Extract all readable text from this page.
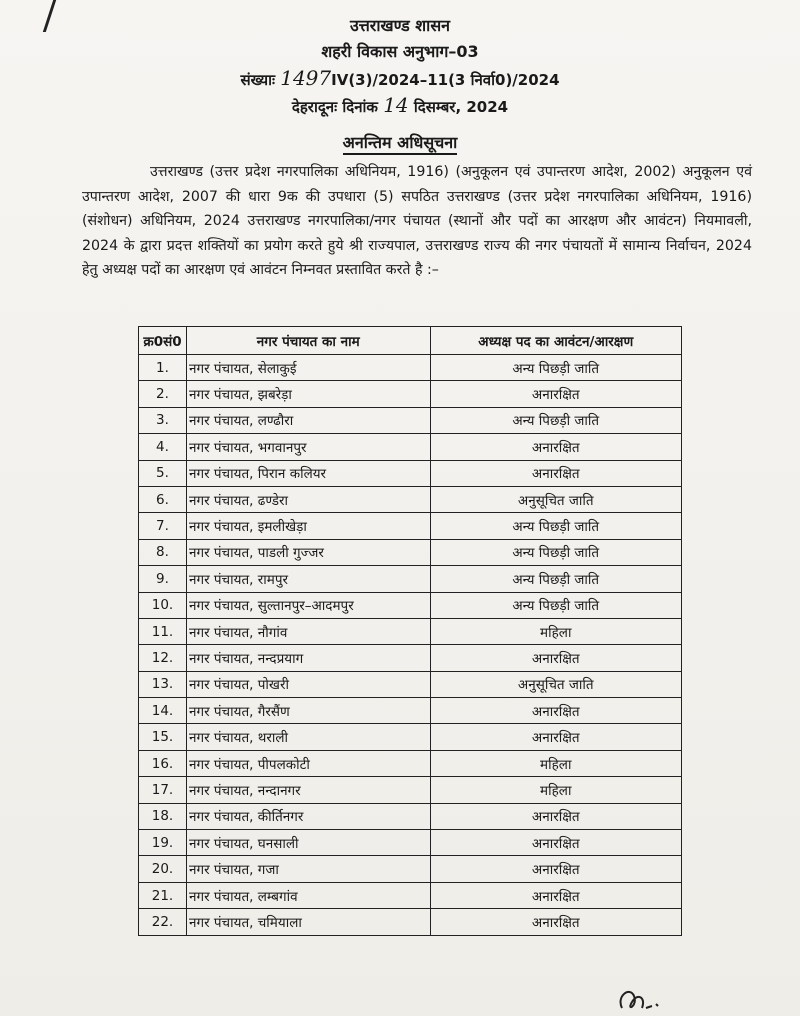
उत्तराखण्ड शासन
शहरी विकास अनुभाग–03
संख्याः 1497IV(3)/2024–11(3 निर्वा0)/2024
देहरादूनः दिनांक 14 दिसम्बर, 2024
अनन्तिम अधिसूचना

उत्तराखण्ड (उत्तर प्रदेश नगरपालिका अधिनियम, 1916) (अनुकूलन एवं उपान्तरण आदेश, 2002) अनुकूलन एवं उपान्तरण आदेश, 2007 की धारा 9क की उपधारा (5) सपठित उत्तराखण्ड (उत्तर प्रदेश नगरपालिका अधिनियम, 1916) (संशोधन) अधिनियम, 2024 उत्तराखण्ड नगरपालिका/नगर पंचायत (स्थानों और पदों का आरक्षण और आवंटन) नियमावली, 2024 के द्वारा प्रदत्त शक्तियों का प्रयोग करते हुये श्री राज्यपाल, उत्तराखण्ड राज्य की नगर पंचायतों में सामान्य निर्वाचन, 2024 हेतु अध्यक्ष पदों का आरक्षण एवं आवंटन निम्नवत प्रस्तावित करते है :–

क्र0सं0	नगर पंचायत का नाम	अध्यक्ष पद का आवंटन/आरक्षण
1.	नगर पंचायत, सेलाकुई	अन्य पिछड़ी जाति
2.	नगर पंचायत, झबरेड़ा	अनारक्षित
3.	नगर पंचायत, लण्ढौरा	अन्य पिछड़ी जाति
4.	नगर पंचायत, भगवानपुर	अनारक्षित
5.	नगर पंचायत, पिरान कलियर	अनारक्षित
6.	नगर पंचायत, ढण्डेरा	अनुसूचित जाति
7.	नगर पंचायत, इमलीखेड़ा	अन्य पिछड़ी जाति
8.	नगर पंचायत, पाडली गुज्जर	अन्य पिछड़ी जाति
9.	नगर पंचायत, रामपुर	अन्य पिछड़ी जाति
10.	नगर पंचायत, सुल्तानपुर–आदमपुर	अन्य पिछड़ी जाति
11.	नगर पंचायत, नौगांव	महिला
12.	नगर पंचायत, नन्दप्रयाग	अनारक्षित
13.	नगर पंचायत, पोखरी	अनुसूचित जाति
14.	नगर पंचायत, गैरसैंण	अनारक्षित
15.	नगर पंचायत, थराली	अनारक्षित
16.	नगर पंचायत, पीपलकोटी	महिला
17.	नगर पंचायत, नन्दानगर	महिला
18.	नगर पंचायत, कीर्तिनगर	अनारक्षित
19.	नगर पंचायत, घनसाली	अनारक्षित
20.	नगर पंचायत, गजा	अनारक्षित
21.	नगर पंचायत, लम्बगांव	अनारक्षित
22.	नगर पंचायत, चमियाला	अनारक्षित
